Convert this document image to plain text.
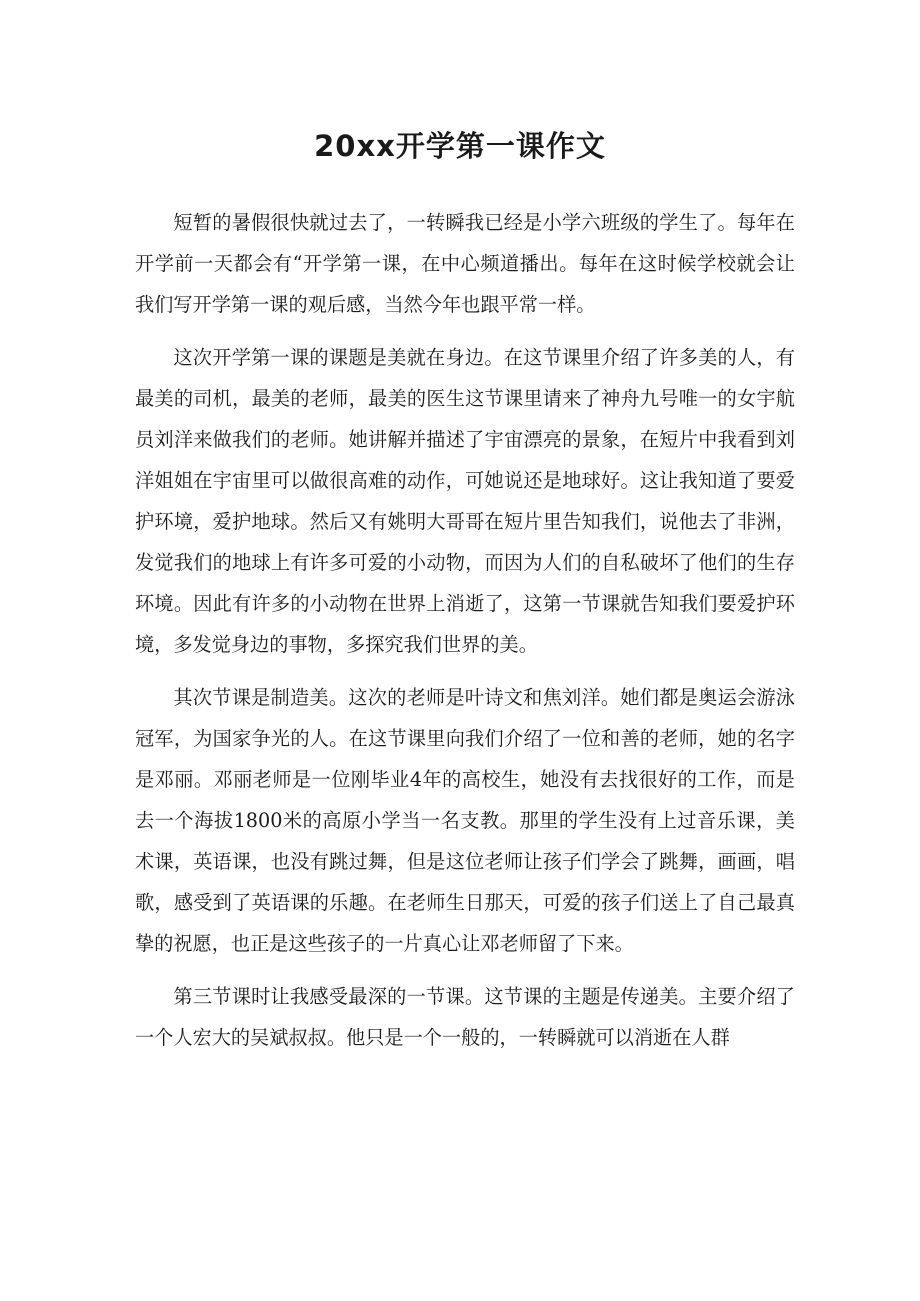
20xx开学第一课作文

短暂的暑假很快就过去了，一转瞬我已经是小学六班级的学生了。每年在开学前一天都会有“开学第一课，在中心频道播出。每年在这时候学校就会让我们写开学第一课的观后感，当然今年也跟平常一样。

这次开学第一课的课题是美就在身边。在这节课里介绍了许多美的人，有最美的司机，最美的老师，最美的医生这节课里请来了神舟九号唯一的女宇航员刘洋来做我们的老师。她讲解并描述了宇宙漂亮的景象，在短片中我看到刘洋姐姐在宇宙里可以做很高难的动作，可她说还是地球好。这让我知道了要爱护环境，爱护地球。然后又有姚明大哥哥在短片里告知我们，说他去了非洲，发觉我们的地球上有许多可爱的小动物，而因为人们的自私破坏了他们的生存环境。因此有许多的小动物在世界上消逝了，这第一节课就告知我们要爱护环境，多发觉身边的事物，多探究我们世界的美。

其次节课是制造美。这次的老师是叶诗文和焦刘洋。她们都是奥运会游泳冠军，为国家争光的人。在这节课里向我们介绍了一位和善的老师，她的名字是邓丽。邓丽老师是一位刚毕业4年的高校生，她没有去找很好的工作，而是去一个海拔1800米的高原小学当一名支教。那里的学生没有上过音乐课，美术课，英语课，也没有跳过舞，但是这位老师让孩子们学会了跳舞，画画，唱歌，感受到了英语课的乐趣。在老师生日那天，可爱的孩子们送上了自己最真挚的祝愿，也正是这些孩子的一片真心让邓老师留了下来。

第三节课时让我感受最深的一节课。这节课的主题是传递美。主要介绍了一个人宏大的吴斌叔叔。他只是一个一般的，一转瞬就可以消逝在人群
